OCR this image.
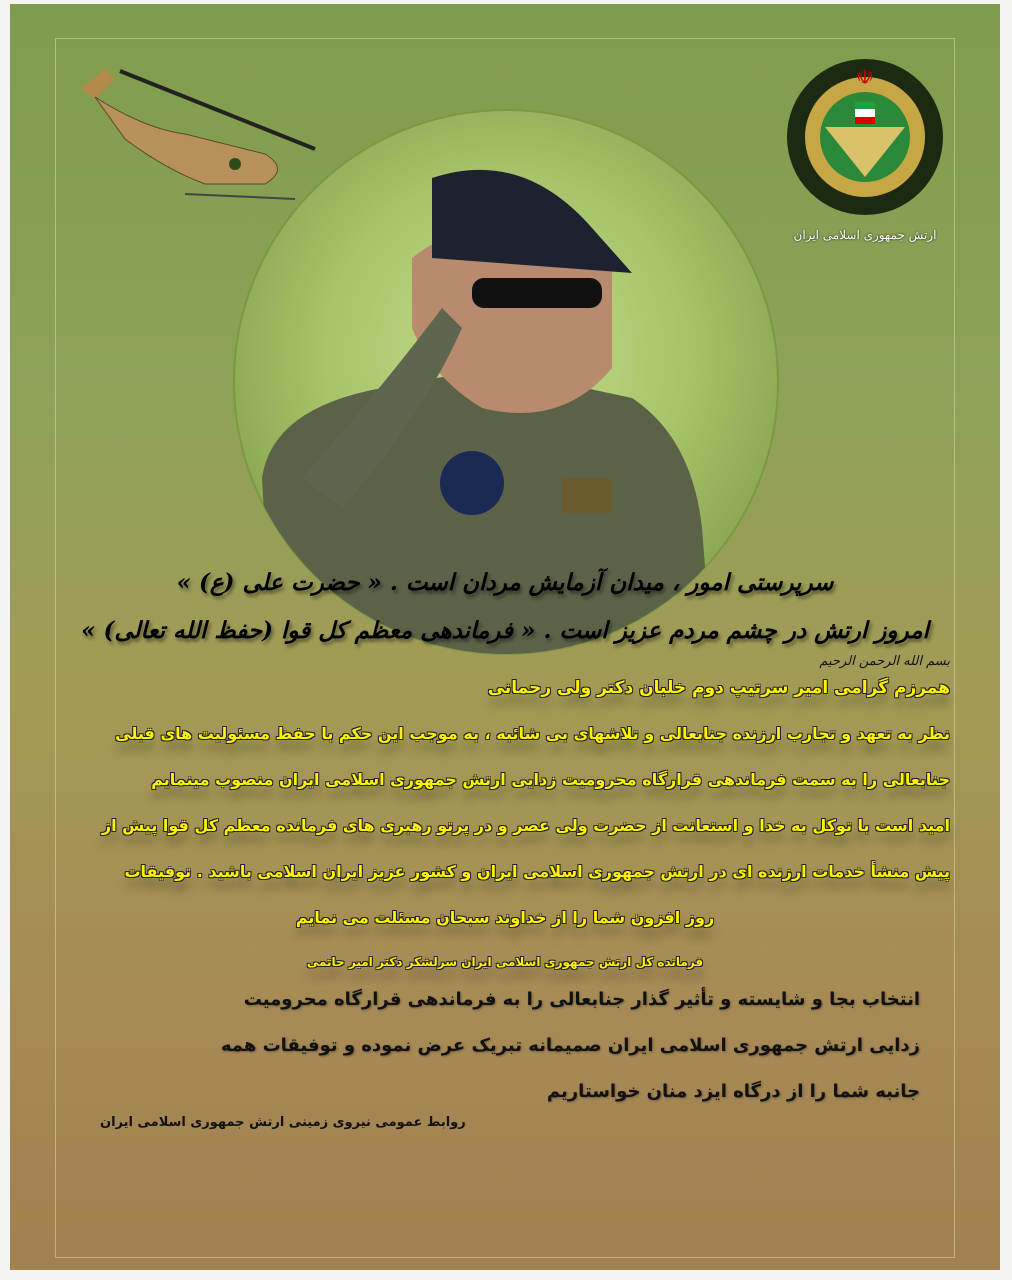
☫
ارتش جمهوری اسلامی ایران
سرپرستی امور ، میدان آزمایش مردان است . « حضرت علی (ع) »
امروز ارتش در چشم مردم عزیز است . « فرماندهی معظم کل قوا (حفظ الله تعالی) »
بسم الله الرحمن الرحیم
همرزم گرامی امیر سرتیپ دوم خلبان دکتر ولی رحمانی
نظر به تعهد و تجارب ارزنده جنابعالی و تلاشهای بی شائبه ، به موجب این حکم با حفظ مسئولیت های قبلی
جنابعالی را به سمت فرماندهی قرارگاه محرومیت زدایی ارتش جمهوری اسلامی ایران منصوب مینمایم
امید است با توکل به خدا و استعانت از حضرت ولی عصر و در پرتو رهبری های فرمانده معظم کل قوا پیش از
پیش منشأ خدمات ارزنده ای در ارتش جمهوری اسلامی ایران و کشور عزیز ایران اسلامی باشید . توفیقات
روز افزون شما را از خداوند سبحان مسئلت می نمایم
فرمانده کل ارتش جمهوری اسلامی ایران سرلشکر دکتر امیر حاتمی
انتخاب بجا و شایسته و تأثیر گذار جنابعالی را به فرماندهی قرارگاه محرومیت
زدایی ارتش جمهوری اسلامی ایران صمیمانه تبریک عرض نموده و توفیقات همه
جانبه شما را از درگاه ایزد منان خواستاریم
روابط عمومی نیروی زمینی ارتش جمهوری اسلامی ایران
